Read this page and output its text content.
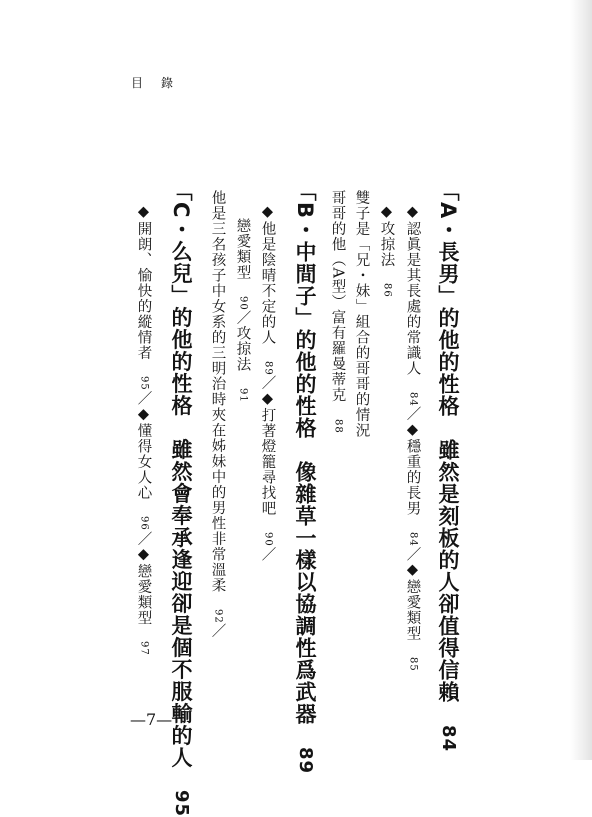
目錄
「A・長男」的他的性格雖然是刻板的人卻值得信賴84
◆認眞是其長處的常識人 84／◆穩重的長男 84／◆戀愛類型 85
◆攻掠法 86
雙子是「兄・妹」組合的哥哥的情況
哥哥的他（A型）富有羅曼蒂克 88
「B・中間子」的他的性格像雜草一樣以協調性爲武器89
◆他是陰晴不定的人 89／◆打著燈籠尋找吧 90／
戀愛類型 90／攻掠法 91
他是三名孩子中女系的三明治時夾在姊妹中的男性非常溫柔 92／
「C・么兒」的他的性格雖然會奉承逢迎卻是個不服輸的人95
◆開朗、愉快的縱情者 95／◆懂得女人心 96／◆戀愛類型 97
—7—
